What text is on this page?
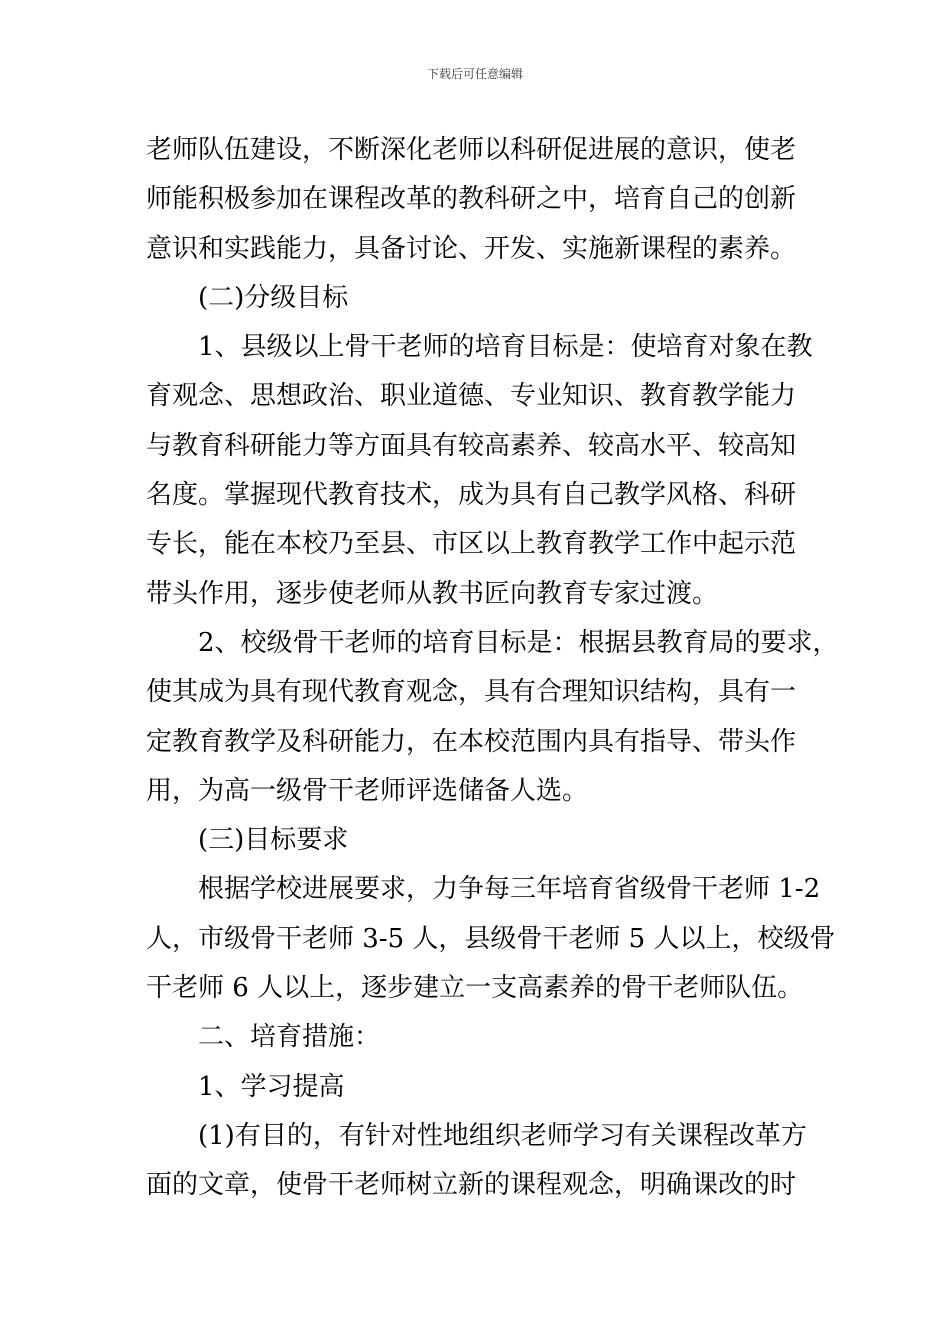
下载后可任意编辑
老师队伍建设，不断深化老师以科研促进展的意识，使老
师能积极参加在课程改革的教科研之中，培育自己的创新
意识和实践能力，具备讨论、开发、实施新课程的素养。
(二)分级目标
1、县级以上骨干老师的培育目标是：使培育对象在教
育观念、思想政治、职业道德、专业知识、教育教学能力
与教育科研能力等方面具有较高素养、较高水平、较高知
名度。掌握现代教育技术，成为具有自己教学风格、科研
专长，能在本校乃至县、市区以上教育教学工作中起示范
带头作用，逐步使老师从教书匠向教育专家过渡。
2、校级骨干老师的培育目标是：根据县教育局的要求，
使其成为具有现代教育观念，具有合理知识结构，具有一
定教育教学及科研能力，在本校范围内具有指导、带头作
用，为高一级骨干老师评选储备人选。
(三)目标要求
根据学校进展要求，力争每三年培育省级骨干老师 1-2
人，市级骨干老师 3-5 人，县级骨干老师 5 人以上，校级骨
干老师 6 人以上，逐步建立一支高素养的骨干老师队伍。
二、培育措施：
1、学习提高
(1)有目的，有针对性地组织老师学习有关课程改革方
面的文章，使骨干老师树立新的课程观念，明确课改的时
